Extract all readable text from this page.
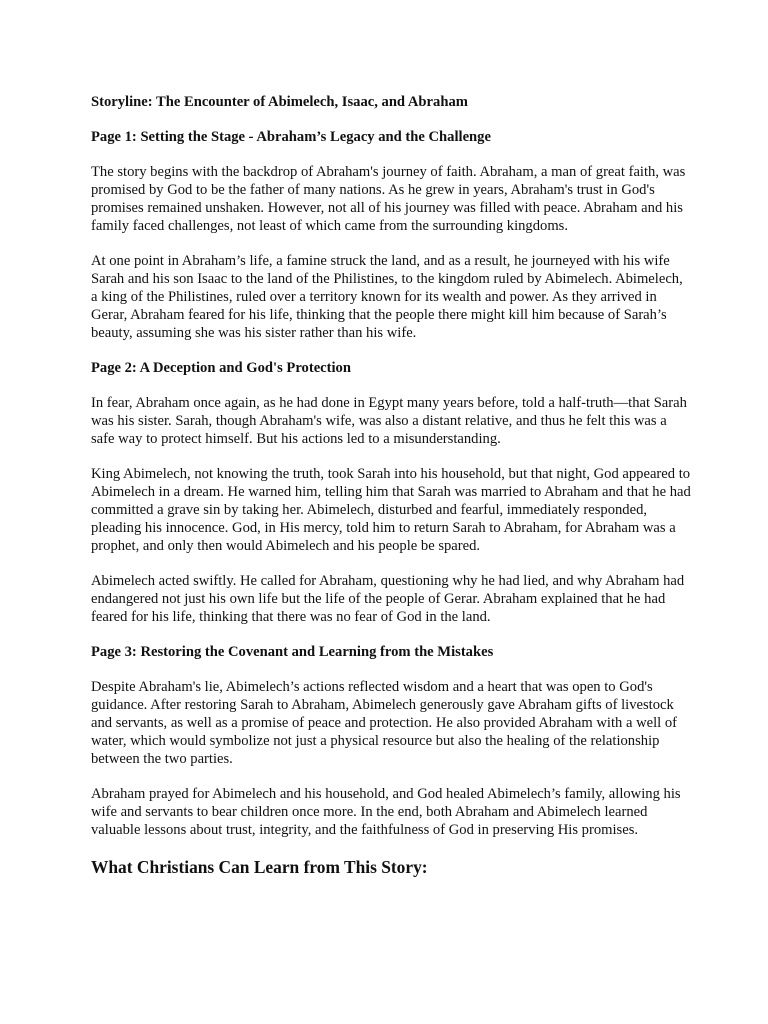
Storyline: The Encounter of Abimelech, Isaac, and Abraham
Page 1: Setting the Stage - Abraham’s Legacy and the Challenge

The story begins with the backdrop of Abraham's journey of faith. Abraham, a man of great faith, was promised by God to be the father of many nations. As he grew in years, Abraham's trust in God's promises remained unshaken. However, not all of his journey was filled with peace. Abraham and his family faced challenges, not least of which came from the surrounding kingdoms.

At one point in Abraham’s life, a famine struck the land, and as a result, he journeyed with his wife Sarah and his son Isaac to the land of the Philistines, to the kingdom ruled by Abimelech. Abimelech, a king of the Philistines, ruled over a territory known for its wealth and power. As they arrived in Gerar, Abraham feared for his life, thinking that the people there might kill him because of Sarah’s beauty, assuming she was his sister rather than his wife.

Page 2: A Deception and God's Protection

In fear, Abraham once again, as he had done in Egypt many years before, told a half-truth—that Sarah was his sister. Sarah, though Abraham's wife, was also a distant relative, and thus he felt this was a safe way to protect himself. But his actions led to a misunderstanding.

King Abimelech, not knowing the truth, took Sarah into his household, but that night, God appeared to Abimelech in a dream. He warned him, telling him that Sarah was married to Abraham and that he had committed a grave sin by taking her. Abimelech, disturbed and fearful, immediately responded, pleading his innocence. God, in His mercy, told him to return Sarah to Abraham, for Abraham was a prophet, and only then would Abimelech and his people be spared.

Abimelech acted swiftly. He called for Abraham, questioning why he had lied, and why Abraham had endangered not just his own life but the life of the people of Gerar. Abraham explained that he had feared for his life, thinking that there was no fear of God in the land.

Page 3: Restoring the Covenant and Learning from the Mistakes

Despite Abraham's lie, Abimelech’s actions reflected wisdom and a heart that was open to God's guidance. After restoring Sarah to Abraham, Abimelech generously gave Abraham gifts of livestock and servants, as well as a promise of peace and protection. He also provided Abraham with a well of water, which would symbolize not just a physical resource but also the healing of the relationship between the two parties.

Abraham prayed for Abimelech and his household, and God healed Abimelech’s family, allowing his wife and servants to bear children once more. In the end, both Abraham and Abimelech learned valuable lessons about trust, integrity, and the faithfulness of God in preserving His promises.

What Christians Can Learn from This Story:
